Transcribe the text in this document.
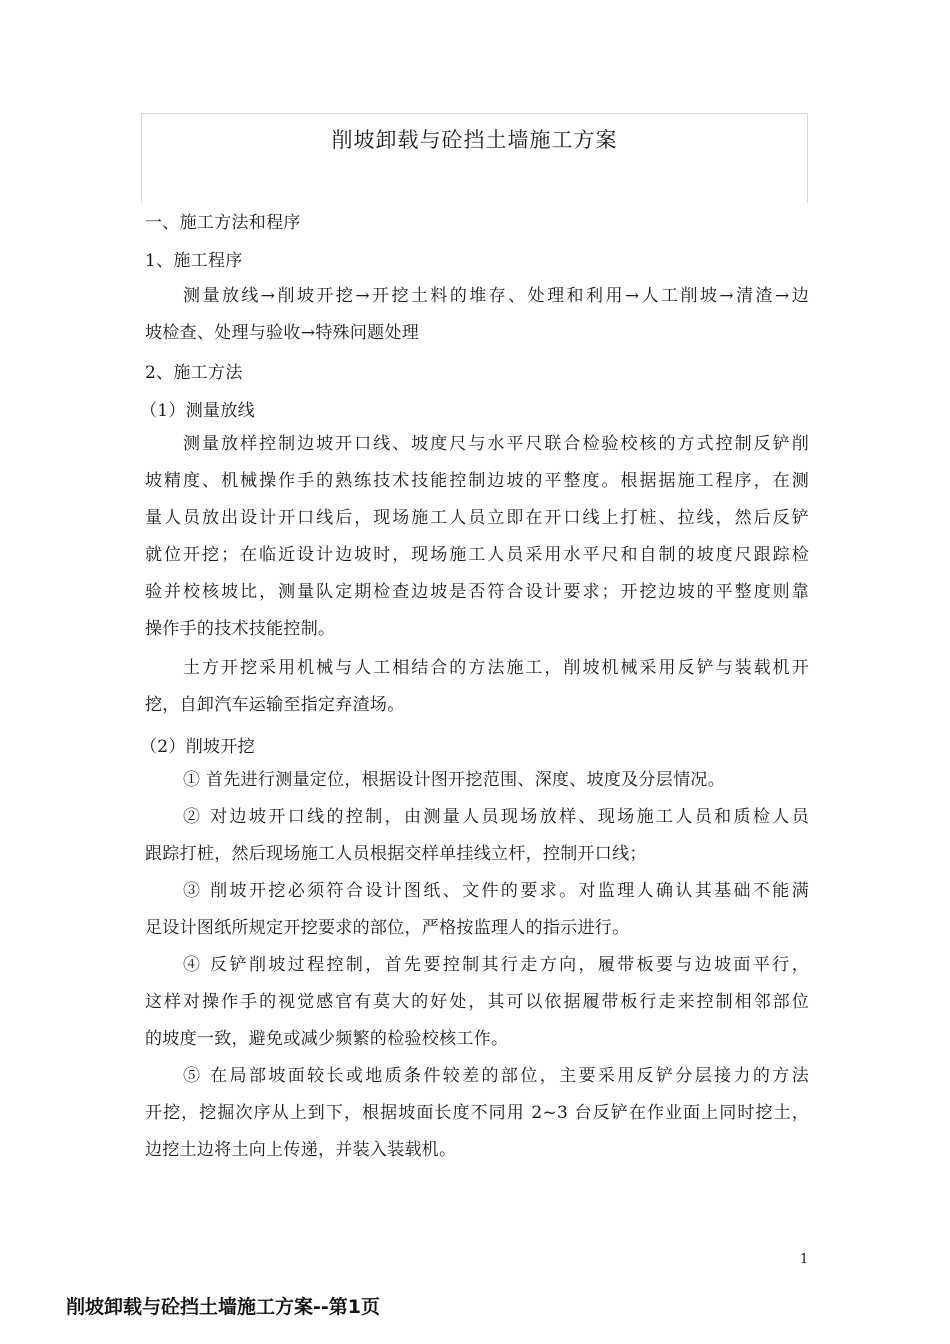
削坡卸载与砼挡土墙施工方案
一、施工方法和程序
1、施工程序
测量放线→削坡开挖→开挖土料的堆存、处理和利用→人工削坡→清渣→边
坡检查、处理与验收→特殊问题处理
2、施工方法
（1）测量放线
测量放样控制边坡开口线、坡度尺与水平尺联合检验校核的方式控制反铲削
坡精度、机械操作手的熟练技术技能控制边坡的平整度。根据据施工程序，在测
量人员放出设计开口线后，现场施工人员立即在开口线上打桩、拉线，然后反铲
就位开挖；在临近设计边坡时，现场施工人员采用水平尺和自制的坡度尺跟踪检
验并校核坡比，测量队定期检查边坡是否符合设计要求；开挖边坡的平整度则靠
操作手的技术技能控制。
土方开挖采用机械与人工相结合的方法施工，削坡机械采用反铲与装载机开
挖，自卸汽车运输至指定弃渣场。
（2）削坡开挖
① 首先进行测量定位，根据设计图开挖范围、深度、坡度及分层情况。
② 对边坡开口线的控制，由测量人员现场放样、现场施工人员和质检人员
跟踪打桩，然后现场施工人员根据交样单挂线立杆，控制开口线；
③ 削坡开挖必须符合设计图纸、文件的要求。对监理人确认其基础不能满
足设计图纸所规定开挖要求的部位，严格按监理人的指示进行。
④ 反铲削坡过程控制，首先要控制其行走方向，履带板要与边坡面平行，
这样对操作手的视觉感官有莫大的好处，其可以依据履带板行走来控制相邻部位
的坡度一致，避免或减少频繁的检验校核工作。
⑤ 在局部坡面较长或地质条件较差的部位，主要采用反铲分层接力的方法
开挖，挖掘次序从上到下，根据坡面长度不同用 2~3 台反铲在作业面上同时挖土，
边挖土边将土向上传递，并装入装载机。
1
削坡卸载与砼挡土墙施工方案--第1页
